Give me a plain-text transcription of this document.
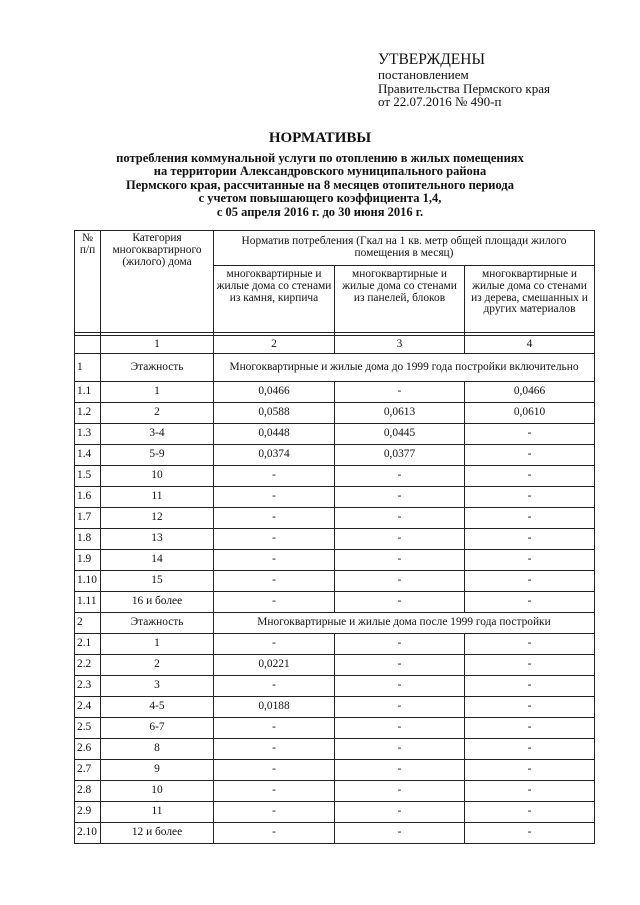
УТВЕРЖДЕНЫ
постановлением
Правительства Пермского края
от 22.07.2016 № 490-п
НОРМАТИВЫ
потребления коммунальной услуги по отоплению в жилых помещениях
на территории Александровского муниципального района
Пермского края, рассчитанные на 8 месяцев отопительного периода
с учетом повышающего коэффициента 1,4,
с 05 апреля 2016 г. до 30 июня 2016 г.
№ п/п	Категория многоквартирного (жилого) дома	Норматив потребления (Гкал на 1 кв. метр общей площади жилого помещения в месяц)		
		многоквартирные и жилые дома со стенами из камня, кирпича	многоквартирные и жилые дома со стенами из панелей, блоков	многоквартирные и жилые дома со стенами из дерева, смешанных и других материалов

	1	2	3	4
1	Этажность	Многоквартирные и жилые дома до 1999 года постройки включительно		
1.1	1	0,0466	-	0,0466
1.2	2	0,0588	0,0613	0,0610
1.3	3-4	0,0448	0,0445	-
1.4	5-9	0,0374	0,0377	-
1.5	10	-	-	-
1.6	11	-	-	-
1.7	12	-	-	-
1.8	13	-	-	-
1.9	14	-	-	-
1.10	15	-	-	-
1.11	16 и более	-	-	-
2	Этажность	Многоквартирные и жилые дома после 1999 года постройки		
2.1	1	-	-	-
2.2	2	0,0221	-	-
2.3	3	-	-	-
2.4	4-5	0,0188	-	-
2.5	6-7	-	-	-
2.6	8	-	-	-
2.7	9	-	-	-
2.8	10	-	-	-
2.9	11	-	-	-
2.10	12 и более	-	-	-
